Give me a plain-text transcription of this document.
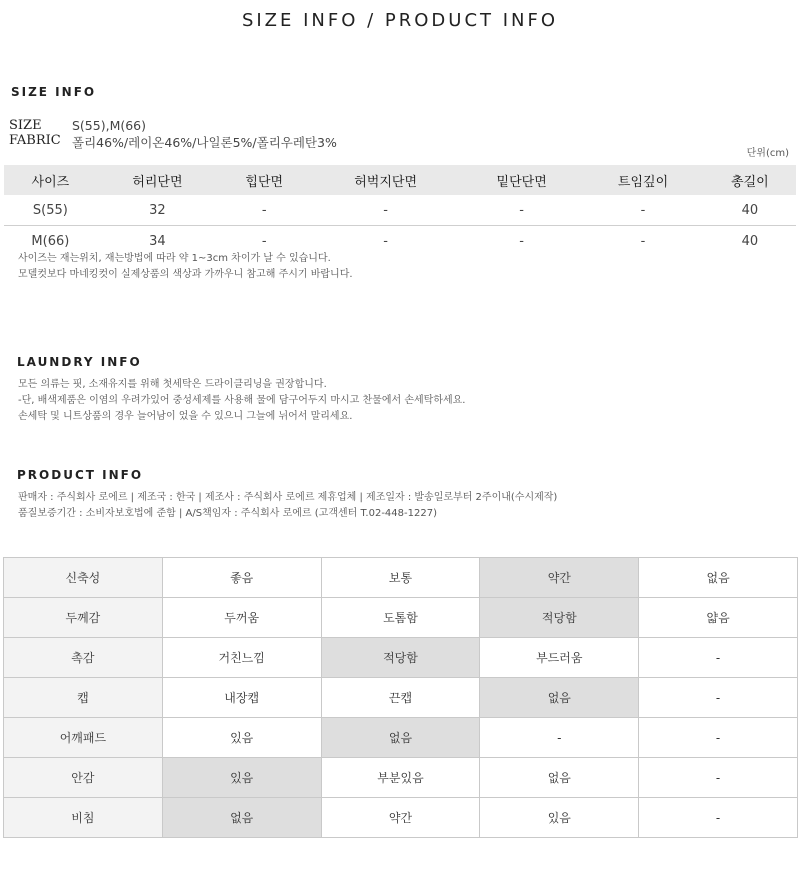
SIZE INFO / PRODUCT INFO
SIZE INFO
SIZE S(55),M(66)
FABRIC 폴리46%/레이온46%/나일론5%/폴리우레탄3%
단위(cm)
사이즈	허리단면	힙단면	허벅지단면	밑단단면	트임깊이	총길이
S(55)	32	-	-	-	-	40
M(66)	34	-	-	-	-	40
사이즈는 재는위치, 재는방법에 따라 약 1~3cm 차이가 날 수 있습니다.
모델컷보다 마네킹컷이 실제상품의 색상과 가까우니 참고해 주시기 바랍니다.
LAUNDRY INFO
모든 의류는 핏, 소재유지를 위해 첫세탁은 드라이클리닝을 권장합니다.
-단, 배색제품은 이염의 우려가있어 중성세제를 사용해 물에 담구어두지 마시고 찬물에서 손세탁하세요.
손세탁 및 니트상품의 경우 늘어남이 었을 수 있으니 그늘에 뉘어서 말리세요.
PRODUCT INFO
판매자 : 주식회사 로에르 | 제조국 : 한국 | 제조사 : 주식회사 로에르 제휴업체 | 제조일자 : 발송일로부터 2주이내(수시제작)
품질보증기간 : 소비자보호법에 준함 | A/S책임자 : 주식회사 로에르 (고객센터 T.02-448-1227)
신축성	좋음	보통	약간	없음
두께감	두꺼움	도톰함	적당함	얇음
촉감	거친느낌	적당함	부드러움	-
캡	내장캡	끈캡	없음	-
어깨패드	있음	없음	-	-
안감	있음	부분있음	없음	-
비침	없음	약간	있음	-
